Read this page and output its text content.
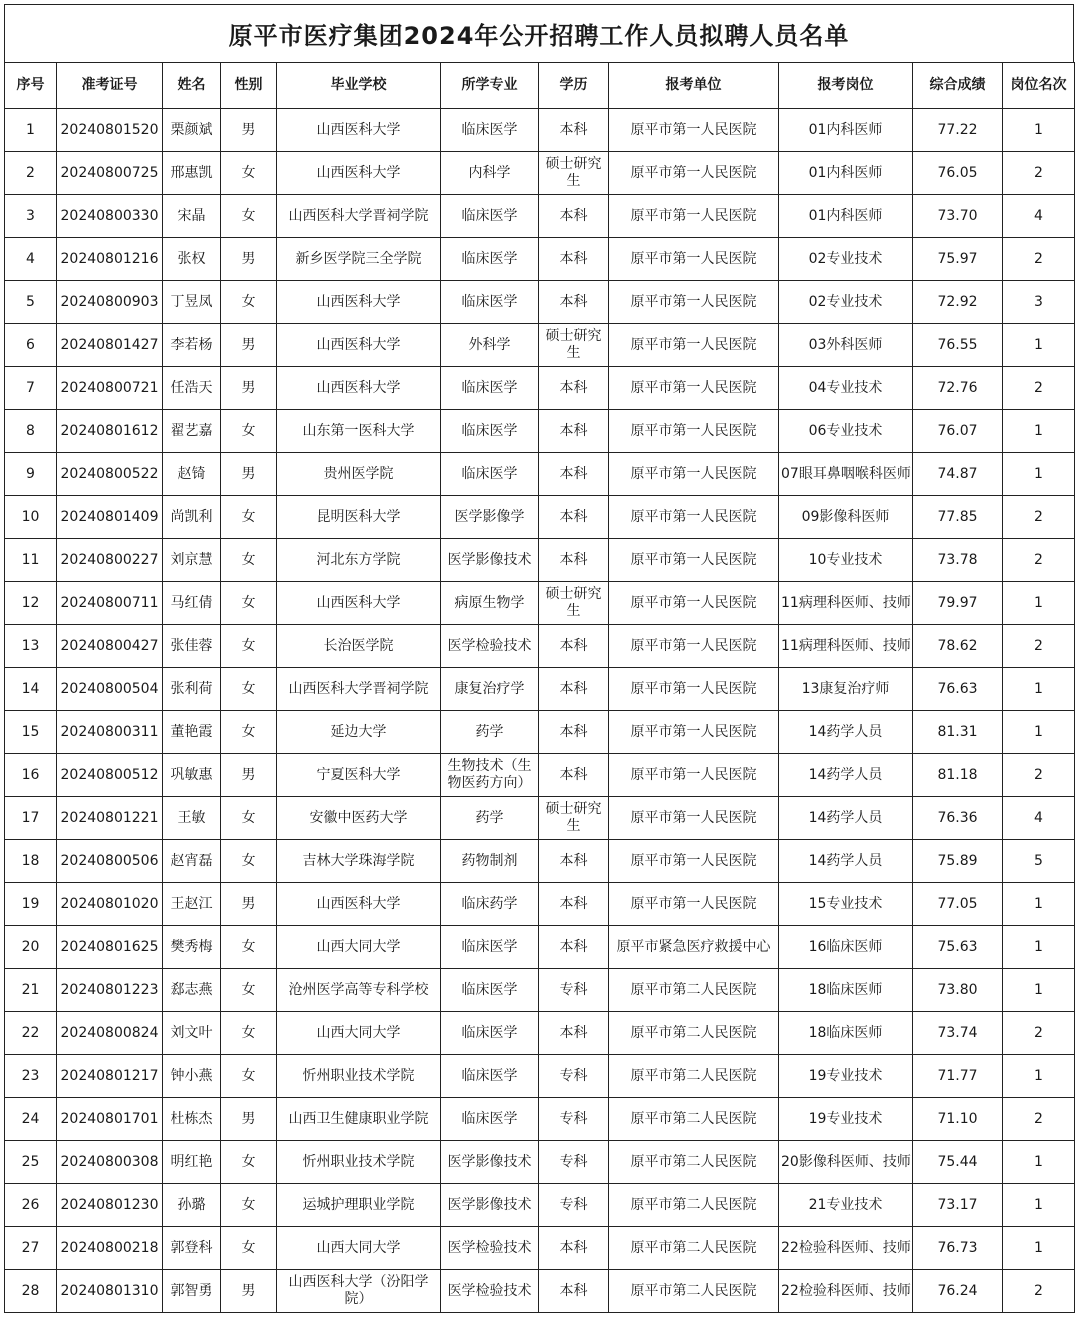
原平市医疗集团2024年公开招聘工作人员拟聘人员名单
序号	准考证号	姓名	性别	毕业学校	所学专业	学历	报考单位	报考岗位	综合成绩	岗位名次
1	20240801520	栗颜斌	男	山西医科大学	临床医学	本科	原平市第一人民医院	01内科医师	77.22	1
2	20240800725	邢惠凯	女	山西医科大学	内科学	硕士研究生	原平市第一人民医院	01内科医师	76.05	2
3	20240800330	宋晶	女	山西医科大学晋祠学院	临床医学	本科	原平市第一人民医院	01内科医师	73.70	4
4	20240801216	张权	男	新乡医学院三全学院	临床医学	本科	原平市第一人民医院	02专业技术	75.97	2
5	20240800903	丁昱凤	女	山西医科大学	临床医学	本科	原平市第一人民医院	02专业技术	72.92	3
6	20240801427	李若杨	男	山西医科大学	外科学	硕士研究生	原平市第一人民医院	03外科医师	76.55	1
7	20240800721	任浩天	男	山西医科大学	临床医学	本科	原平市第一人民医院	04专业技术	72.76	2
8	20240801612	翟艺嘉	女	山东第一医科大学	临床医学	本科	原平市第一人民医院	06专业技术	76.07	1
9	20240800522	赵锜	男	贵州医学院	临床医学	本科	原平市第一人民医院	07眼耳鼻咽喉科医师	74.87	1
10	20240801409	尚凯利	女	昆明医科大学	医学影像学	本科	原平市第一人民医院	09影像科医师	77.85	2
11	20240800227	刘京慧	女	河北东方学院	医学影像技术	本科	原平市第一人民医院	10专业技术	73.78	2
12	20240800711	马红倩	女	山西医科大学	病原生物学	硕士研究生	原平市第一人民医院	11病理科医师、技师	79.97	1
13	20240800427	张佳蓉	女	长治医学院	医学检验技术	本科	原平市第一人民医院	11病理科医师、技师	78.62	2
14	20240800504	张利荷	女	山西医科大学晋祠学院	康复治疗学	本科	原平市第一人民医院	13康复治疗师	76.63	1
15	20240800311	董艳霞	女	延边大学	药学	本科	原平市第一人民医院	14药学人员	81.31	1
16	20240800512	巩敏惠	男	宁夏医科大学	生物技术（生物医药方向）	本科	原平市第一人民医院	14药学人员	81.18	2
17	20240801221	王敏	女	安徽中医药大学	药学	硕士研究生	原平市第一人民医院	14药学人员	76.36	4
18	20240800506	赵宵磊	女	吉林大学珠海学院	药物制剂	本科	原平市第一人民医院	14药学人员	75.89	5
19	20240801020	王赵江	男	山西医科大学	临床药学	本科	原平市第一人民医院	15专业技术	77.05	1
20	20240801625	樊秀梅	女	山西大同大学	临床医学	本科	原平市紧急医疗救援中心	16临床医师	75.63	1
21	20240801223	郄志燕	女	沧州医学高等专科学校	临床医学	专科	原平市第二人民医院	18临床医师	73.80	1
22	20240800824	刘文叶	女	山西大同大学	临床医学	本科	原平市第二人民医院	18临床医师	73.74	2
23	20240801217	钟小燕	女	忻州职业技术学院	临床医学	专科	原平市第二人民医院	19专业技术	71.77	1
24	20240801701	杜栋杰	男	山西卫生健康职业学院	临床医学	专科	原平市第二人民医院	19专业技术	71.10	2
25	20240800308	明红艳	女	忻州职业技术学院	医学影像技术	专科	原平市第二人民医院	20影像科医师、技师	75.44	1
26	20240801230	孙璐	女	运城护理职业学院	医学影像技术	专科	原平市第二人民医院	21专业技术	73.17	1
27	20240800218	郭登科	女	山西大同大学	医学检验技术	本科	原平市第二人民医院	22检验科医师、技师	76.73	1
28	20240801310	郭智勇	男	山西医科大学（汾阳学院）	医学检验技术	本科	原平市第二人民医院	22检验科医师、技师	76.24	2
